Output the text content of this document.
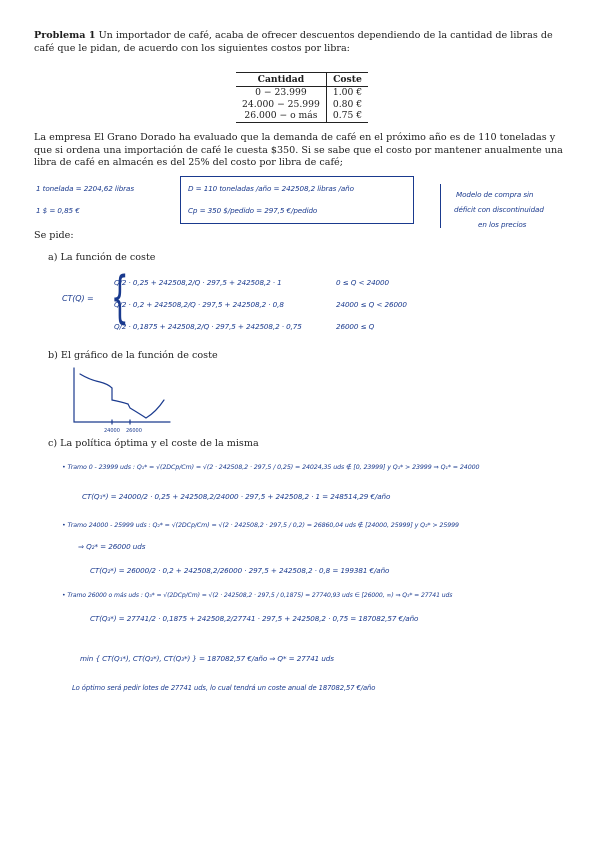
Problema 1 Un importador de café, acaba de ofrecer descuentos dependiendo de la cantidad de libras de café que le pidan, de acuerdo con los siguientes costos por libra:
Cantidad	Coste
0 − 23.999	1.00 €
24.000 − 25.999	0.80 €
26.000 − o más	0.75 €
La empresa El Grano Dorado ha evaluado que la demanda de café en el próximo año es de 110 toneladas y que si ordena una importación de café le cuesta $350. Si se sabe que el costo por mantener anualmente una libra de café en almacén es del 25% del costo por libra de café;
1 tonelada = 2204,62 libras
1 $ = 0,85 €
D = 110 toneladas /año = 242508,2 libras /año
Cp = 350 $/pedido = 297,5 €/pedido
Modelo de compra sin
déficit con discontinuidad
en los precios
Se pide:
a) La función de coste
CT(Q) = {
Q/2 · 0,25 + 242508,2/Q · 297,5 + 242508,2 · 1	0 ≤ Q < 24000
Q/2 · 0,2 + 242508,2/Q · 297,5 + 242508,2 · 0,8	24000 ≤ Q < 26000
Q/2 · 0,1875 + 242508,2/Q · 297,5 + 242508,2 · 0,75	26000 ≤ Q
b) El gráfico de la función de coste
24000 26000
c) La política óptima y el coste de la misma
• Tramo 0 - 23999 uds : Q₁* = √(2DCp/Cm) = √(2 · 242508,2 · 297,5 / 0,25) = 24024,35 uds ∉ [0, 23999] y Q₁* > 23999 ⇒ Q₁* = 24000
CT(Q₁*) = 24000/2 · 0,25 + 242508,2/24000 · 297,5 + 242508,2 · 1 = 248514,29 €/año
• Tramo 24000 - 25999 uds : Q₂* = √(2DCp/Cm) = √(2 · 242508,2 · 297,5 / 0,2) = 26860,04 uds ∉ [24000, 25999] y Q₂* > 25999
⇒ Q₂* = 26000 uds
CT(Q₂*) = 26000/2 · 0,2 + 242508,2/26000 · 297,5 + 242508,2 · 0,8 = 199381 €/año
• Tramo 26000 o más uds : Q₃* = √(2DCp/Cm) = √(2 · 242508,2 · 297,5 / 0,1875) = 27740,93 uds ∈ [26000, ∞) ⇒ Q₃* = 27741 uds
CT(Q₃*) = 27741/2 · 0,1875 + 242508,2/27741 · 297,5 + 242508,2 · 0,75 = 187082,57 €/año
min { CT(Q₁*), CT(Q₂*), CT(Q₃*) } = 187082,57 €/año ⇒ Q* = 27741 uds
Lo óptimo será pedir lotes de 27741 uds, lo cual tendrá un coste anual de 187082,57 €/año
